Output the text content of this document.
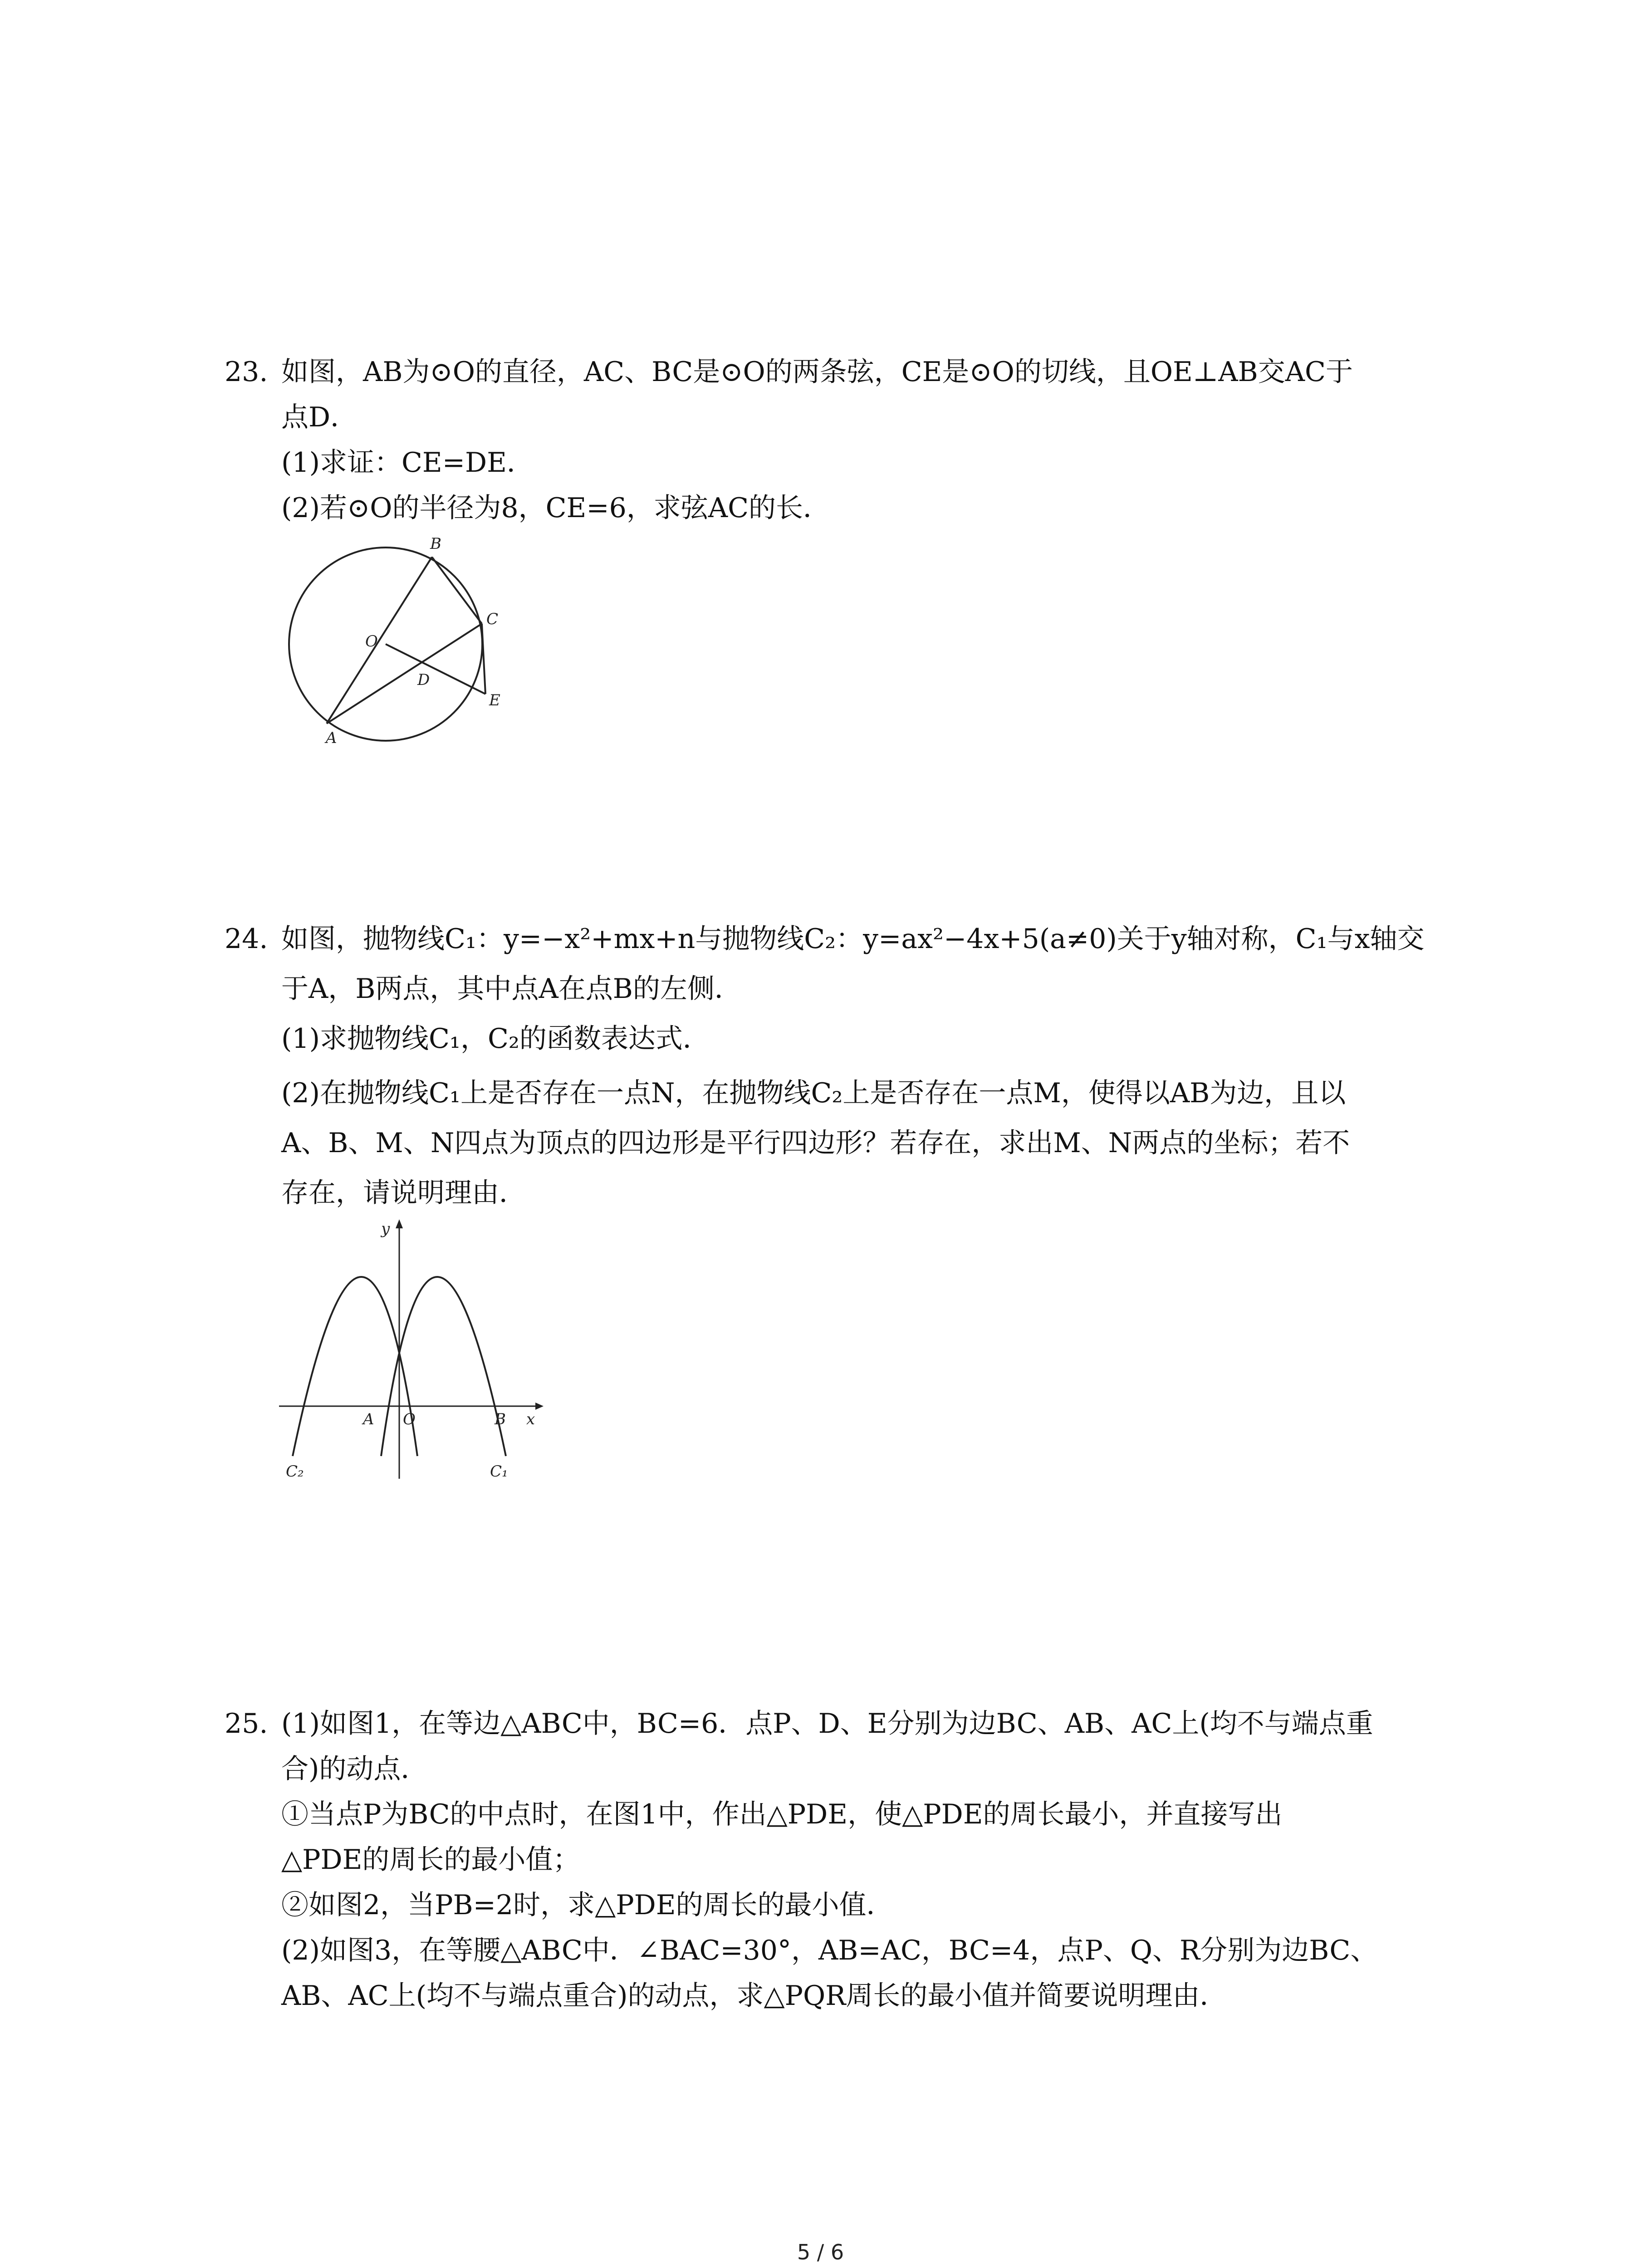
23. 如图，AB为⊙O的直径，AC、BC是⊙O的两条弦，CE是⊙O的切线，且OE⊥AB交AC于
点D．
(1)求证：CE=DE．
(2)若⊙O的半径为8，CE=6，求弦AC的长．
B
C
O
D
E
A
24. 如图，抛物线C₁：y=−x²+mx+n与抛物线C₂：y=ax²−4x+5(a≠0)关于y轴对称，C₁与x轴交
于A，B两点，其中点A在点B的左侧．
(1)求抛物线C₁，C₂的函数表达式．
(2)在抛物线C₁上是否存在一点N，在抛物线C₂上是否存在一点M，使得以AB为边，且以
A、B、M、N四点为顶点的四边形是平行四边形？若存在，求出M、N两点的坐标；若不
存在，请说明理由．
y
x
A O	B
C₂	C₁
25. (1)如图1，在等边△ABC中，BC=6．点P、D、E分别为边BC、AB、AC上(均不与端点重
合)的动点．
①当点P为BC的中点时，在图1中，作出△PDE，使△PDE的周长最小，并直接写出
△PDE的周长的最小值；
②如图2，当PB=2时，求△PDE的周长的最小值．
(2)如图3，在等腰△ABC中．∠BAC=30°，AB=AC，BC=4，点P、Q、R分别为边BC、
AB、AC上(均不与端点重合)的动点，求△PQR周长的最小值并简要说明理由．
5 / 6
